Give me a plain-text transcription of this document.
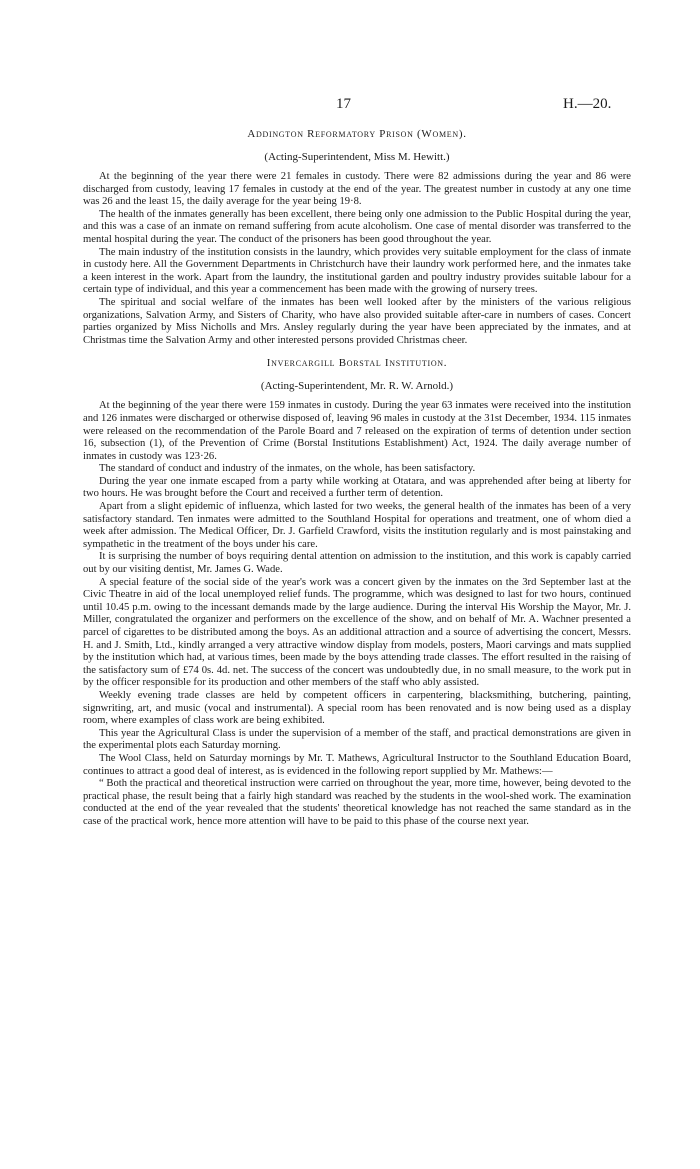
17	H.—20.
Addington Reformatory Prison (Women).
(Acting-Superintendent, Miss M. Hewitt.)

At the beginning of the year there were 21 females in custody. There were 82 admissions during the year and 86 were discharged from custody, leaving 17 females in custody at the end of the year. The greatest number in custody at any one time was 26 and the least 15, the daily average for the year being 19·8.

The health of the inmates generally has been excellent, there being only one admission to the Public Hospital during the year, and this was a case of an inmate on remand suffering from acute alcoholism. One case of mental disorder was transferred to the mental hospital during the year. The conduct of the prisoners has been good throughout the year.

The main industry of the institution consists in the laundry, which provides very suitable employment for the class of inmate in custody here. All the Government Departments in Christchurch have their laundry work performed here, and the inmates take a keen interest in the work. Apart from the laundry, the institutional garden and poultry industry provides suitable labour for a certain type of individual, and this year a commencement has been made with the growing of nursery trees.

The spiritual and social welfare of the inmates has been well looked after by the ministers of the various religious organizations, Salvation Army, and Sisters of Charity, who have also provided suitable after-care in numbers of cases. Concert parties organized by Miss Nicholls and Mrs. Ansley regularly during the year have been appreciated by the inmates, and at Christmas time the Salvation Army and other interested persons provided Christmas cheer.

Invercargill Borstal Institution.
(Acting-Superintendent, Mr. R. W. Arnold.)

At the beginning of the year there were 159 inmates in custody. During the year 63 inmates were received into the institution and 126 inmates were discharged or otherwise disposed of, leaving 96 males in custody at the 31st December, 1934. 115 inmates were released on the recommendation of the Parole Board and 7 released on the expiration of terms of detention under section 16, subsection (1), of the Prevention of Crime (Borstal Institutions Establishment) Act, 1924. The daily average number of inmates in custody was 123·26.

The standard of conduct and industry of the inmates, on the whole, has been satisfactory.

During the year one inmate escaped from a party while working at Otatara, and was apprehended after being at liberty for two hours. He was brought before the Court and received a further term of detention.

Apart from a slight epidemic of influenza, which lasted for two weeks, the general health of the inmates has been of a very satisfactory standard. Ten inmates were admitted to the Southland Hospital for operations and treatment, one of whom died a week after admission. The Medical Officer, Dr. J. Garfield Crawford, visits the institution regularly and is most painstaking and sympathetic in the treatment of the boys under his care.

It is surprising the number of boys requiring dental attention on admission to the institution, and this work is capably carried out by our visiting dentist, Mr. James G. Wade.

A special feature of the social side of the year's work was a concert given by the inmates on the 3rd September last at the Civic Theatre in aid of the local unemployed relief funds. The programme, which was designed to last for two hours, continued until 10.45 p.m. owing to the incessant demands made by the large audience. During the interval His Worship the Mayor, Mr. J. Miller, congratulated the organizer and performers on the excellence of the show, and on behalf of Mr. A. Wachner presented a parcel of cigarettes to be distributed among the boys. As an additional attraction and a source of advertising the concert, Messrs. H. and J. Smith, Ltd., kindly arranged a very attractive window display from models, posters, Maori carvings and mats supplied by the institution which had, at various times, been made by the boys attending trade classes. The effort resulted in the raising of the satisfactory sum of £74 0s. 4d. net. The success of the concert was undoubtedly due, in no small measure, to the work put in by the officer responsible for its production and other members of the staff who ably assisted.

Weekly evening trade classes are held by competent officers in carpentering, blacksmithing, butchering, painting, signwriting, art, and music (vocal and instrumental). A special room has been renovated and is now being used as a display room, where examples of class work are being exhibited.

This year the Agricultural Class is under the supervision of a member of the staff, and practical demonstrations are given in the experimental plots each Saturday morning.

The Wool Class, held on Saturday mornings by Mr. T. Mathews, Agricultural Instructor to the Southland Education Board, continues to attract a good deal of interest, as is evidenced in the following report supplied by Mr. Mathews:—

“ Both the practical and theoretical instruction were carried on throughout the year, more time, however, being devoted to the practical phase, the result being that a fairly high standard was reached by the students in the wool-shed work. The examination conducted at the end of the year revealed that the students' theoretical knowledge has not reached the same standard as in the case of the practical work, hence more attention will have to be paid to this phase of the course next year.
